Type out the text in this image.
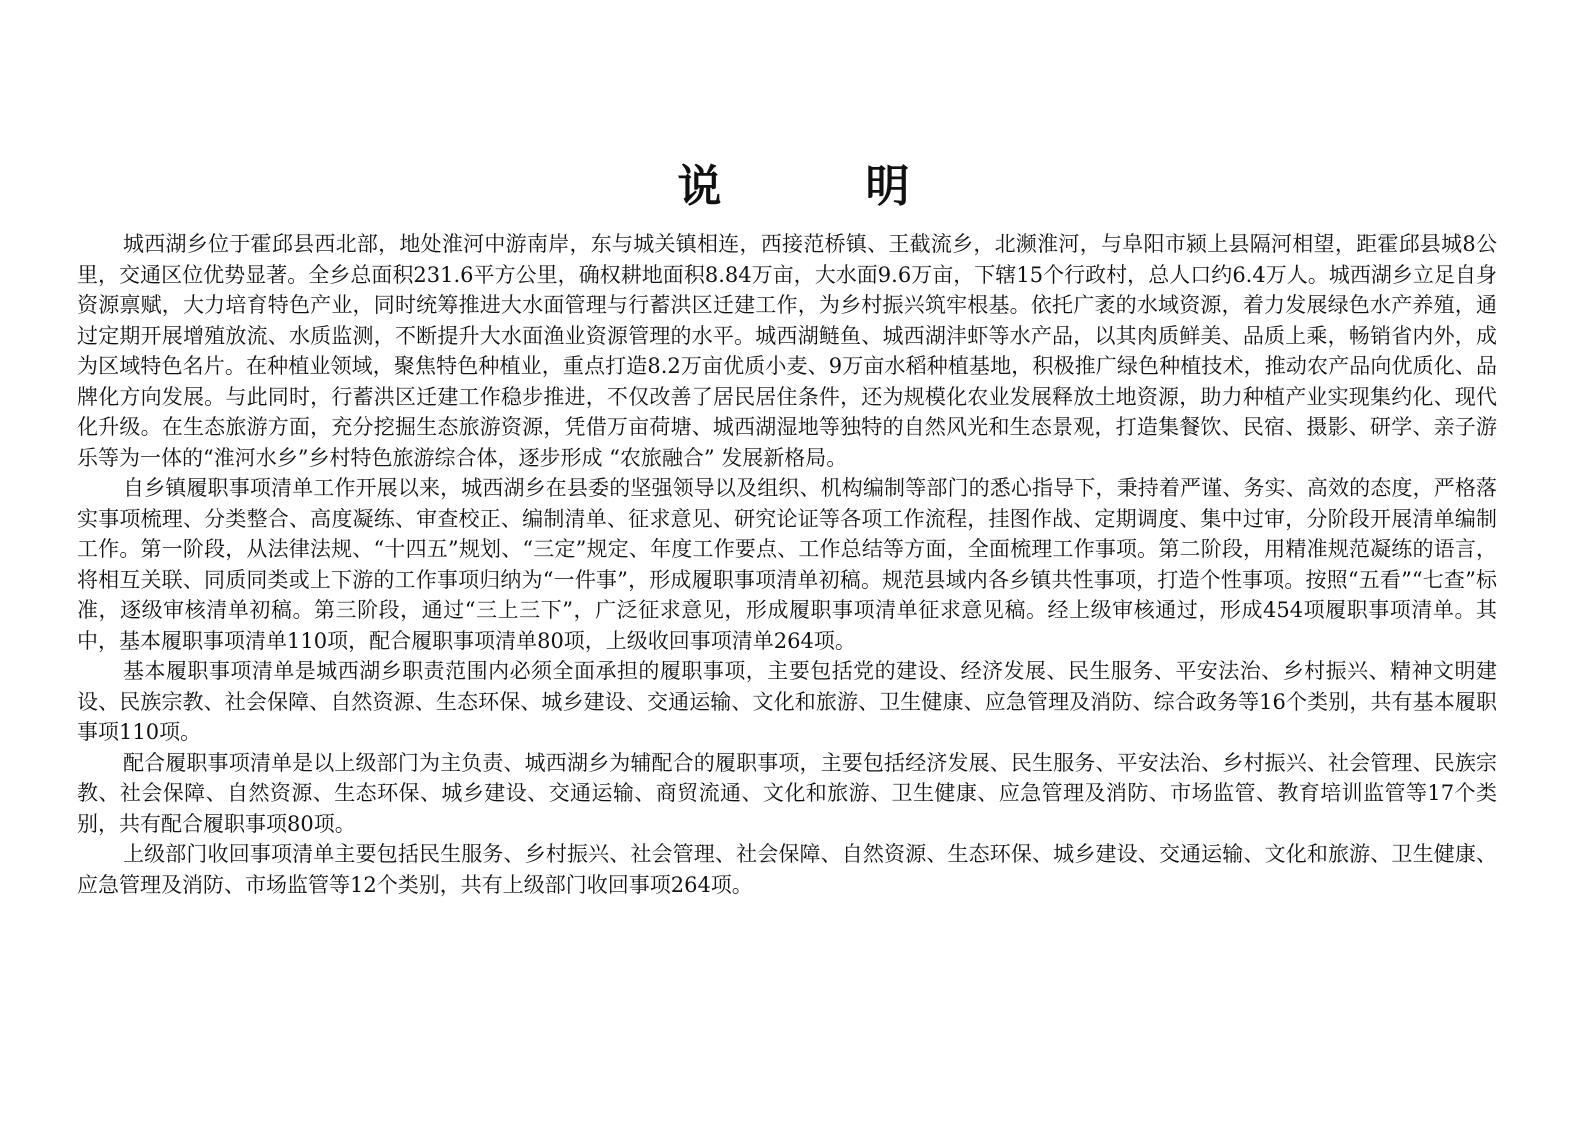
说　明

城西湖乡位于霍邱县西北部，地处淮河中游南岸，东与城关镇相连，西接范桥镇、王截流乡，北濒淮河，与阜阳市颍上县隔河相望，距霍邱县城8公里，交通区位优势显著。全乡总面积231.6平方公里，确权耕地面积8.84万亩，大水面9.6万亩，下辖15个行政村，总人口约6.4万人。城西湖乡立足自身资源禀赋，大力培育特色产业，同时统筹推进大水面管理与行蓄洪区迁建工作，为乡村振兴筑牢根基。依托广袤的水域资源，着力发展绿色水产养殖，通过定期开展增殖放流、水质监测，不断提升大水面渔业资源管理的水平。城西湖鲢鱼、城西湖沣虾等水产品，以其肉质鲜美、品质上乘，畅销省内外，成为区域特色名片。在种植业领域，聚焦特色种植业，重点打造8.2万亩优质小麦、9万亩水稻种植基地，积极推广绿色种植技术，推动农产品向优质化、品牌化方向发展。与此同时，行蓄洪区迁建工作稳步推进，不仅改善了居民居住条件，还为规模化农业发展释放土地资源，助力种植产业实现集约化、现代化升级。在生态旅游方面，充分挖掘生态旅游资源，凭借万亩荷塘、城西湖湿地等独特的自然风光和生态景观，打造集餐饮、民宿、摄影、研学、亲子游乐等为一体的“淮河水乡”乡村特色旅游综合体，逐步形成 “农旅融合” 发展新格局。

自乡镇履职事项清单工作开展以来，城西湖乡在县委的坚强领导以及组织、机构编制等部门的悉心指导下，秉持着严谨、务实、高效的态度，严格落实事项梳理、分类整合、高度凝练、审查校正、编制清单、征求意见、研究论证等各项工作流程，挂图作战、定期调度、集中过审，分阶段开展清单编制工作。第一阶段，从法律法规、“十四五”规划、“三定”规定、年度工作要点、工作总结等方面，全面梳理工作事项。第二阶段，用精准规范凝练的语言，将相互关联、同质同类或上下游的工作事项归纳为“一件事”，形成履职事项清单初稿。规范县域内各乡镇共性事项，打造个性事项。按照“五看”“七查”标准，逐级审核清单初稿。第三阶段，通过“三上三下”，广泛征求意见，形成履职事项清单征求意见稿。经上级审核通过，形成454项履职事项清单。其中，基本履职事项清单110项，配合履职事项清单80项，上级收回事项清单264项。

基本履职事项清单是城西湖乡职责范围内必须全面承担的履职事项，主要包括党的建设、经济发展、民生服务、平安法治、乡村振兴、精神文明建设、民族宗教、社会保障、自然资源、生态环保、城乡建设、交通运输、文化和旅游、卫生健康、应急管理及消防、综合政务等16个类别，共有基本履职事项110项。

配合履职事项清单是以上级部门为主负责、城西湖乡为辅配合的履职事项，主要包括经济发展、民生服务、平安法治、乡村振兴、社会管理、民族宗教、社会保障、自然资源、生态环保、城乡建设、交通运输、商贸流通、文化和旅游、卫生健康、应急管理及消防、市场监管、教育培训监管等17个类别，共有配合履职事项80项。

上级部门收回事项清单主要包括民生服务、乡村振兴、社会管理、社会保障、自然资源、生态环保、城乡建设、交通运输、文化和旅游、卫生健康、应急管理及消防、市场监管等12个类别，共有上级部门收回事项264项。
